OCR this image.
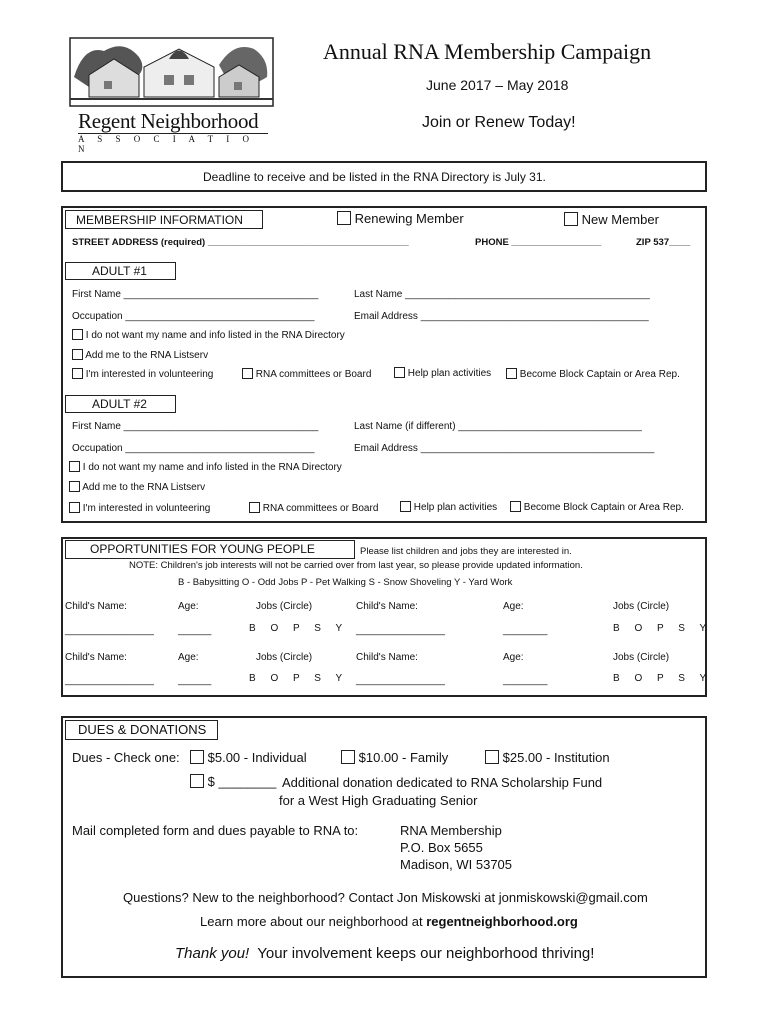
Regent Neighborhood
A S S O C I A T I O N
Annual RNA Membership Campaign
June 2017 – May 2018
Join or Renew Today!
Deadline to receive and be listed in the RNA Directory is July 31.
MEMBERSHIP INFORMATION	Renewing Member	New Member
STREET ADDRESS (required) ______________________________________	PHONE _________________	ZIP 537____
ADULT #1
First Name ___________________________________	Last Name ____________________________________________
Occupation __________________________________	Email Address _________________________________________
I do not want my name and info listed in the RNA Directory
Add me to the RNA Listserv
I'm interested in volunteering	RNA committees or Board	Help plan activities	Become Block Captain or Area Rep.
ADULT #2
First Name ___________________________________	Last Name (if different) _________________________________
Occupation __________________________________	Email Address __________________________________________
I do not want my name and info listed in the RNA Directory
Add me to the RNA Listserv
I'm interested in volunteering	RNA committees or Board	Help plan activities	Become Block Captain or Area Rep.
OPPORTUNITIES FOR YOUNG PEOPLE	Please list children and jobs they are interested in.
NOTE: Children's job interests will not be carried over from last year, so please provide updated information.
B - Babysitting O - Odd Jobs P - Pet Walking S - Snow Shoveling Y - Yard Work
Child's Name:	Age:	Jobs (Circle)	Child's Name:	Age:	Jobs (Circle)
________________ ______	B O P S Y ________________	________	B O P S Y
Child's Name:	Age:	Jobs (Circle)	Child's Name:	Age:	Jobs (Circle)
________________ ______	B O P S Y ________________	________	B O P S Y
DUES & DONATIONS
Dues - Check one:	$5.00 - Individual	$10.00 - Family	$25.00 - Institution
$ ________ Additional donation dedicated to RNA Scholarship Fund
for a West High Graduating Senior
Mail completed form and dues payable to RNA to:	RNA Membership
P.O. Box 5655
Madison, WI 53705
Questions? New to the neighborhood? Contact Jon Miskowski at jonmiskowski@gmail.com
Learn more about our neighborhood at regentneighborhood.org
Thank you!  Your involvement keeps our neighborhood thriving!
